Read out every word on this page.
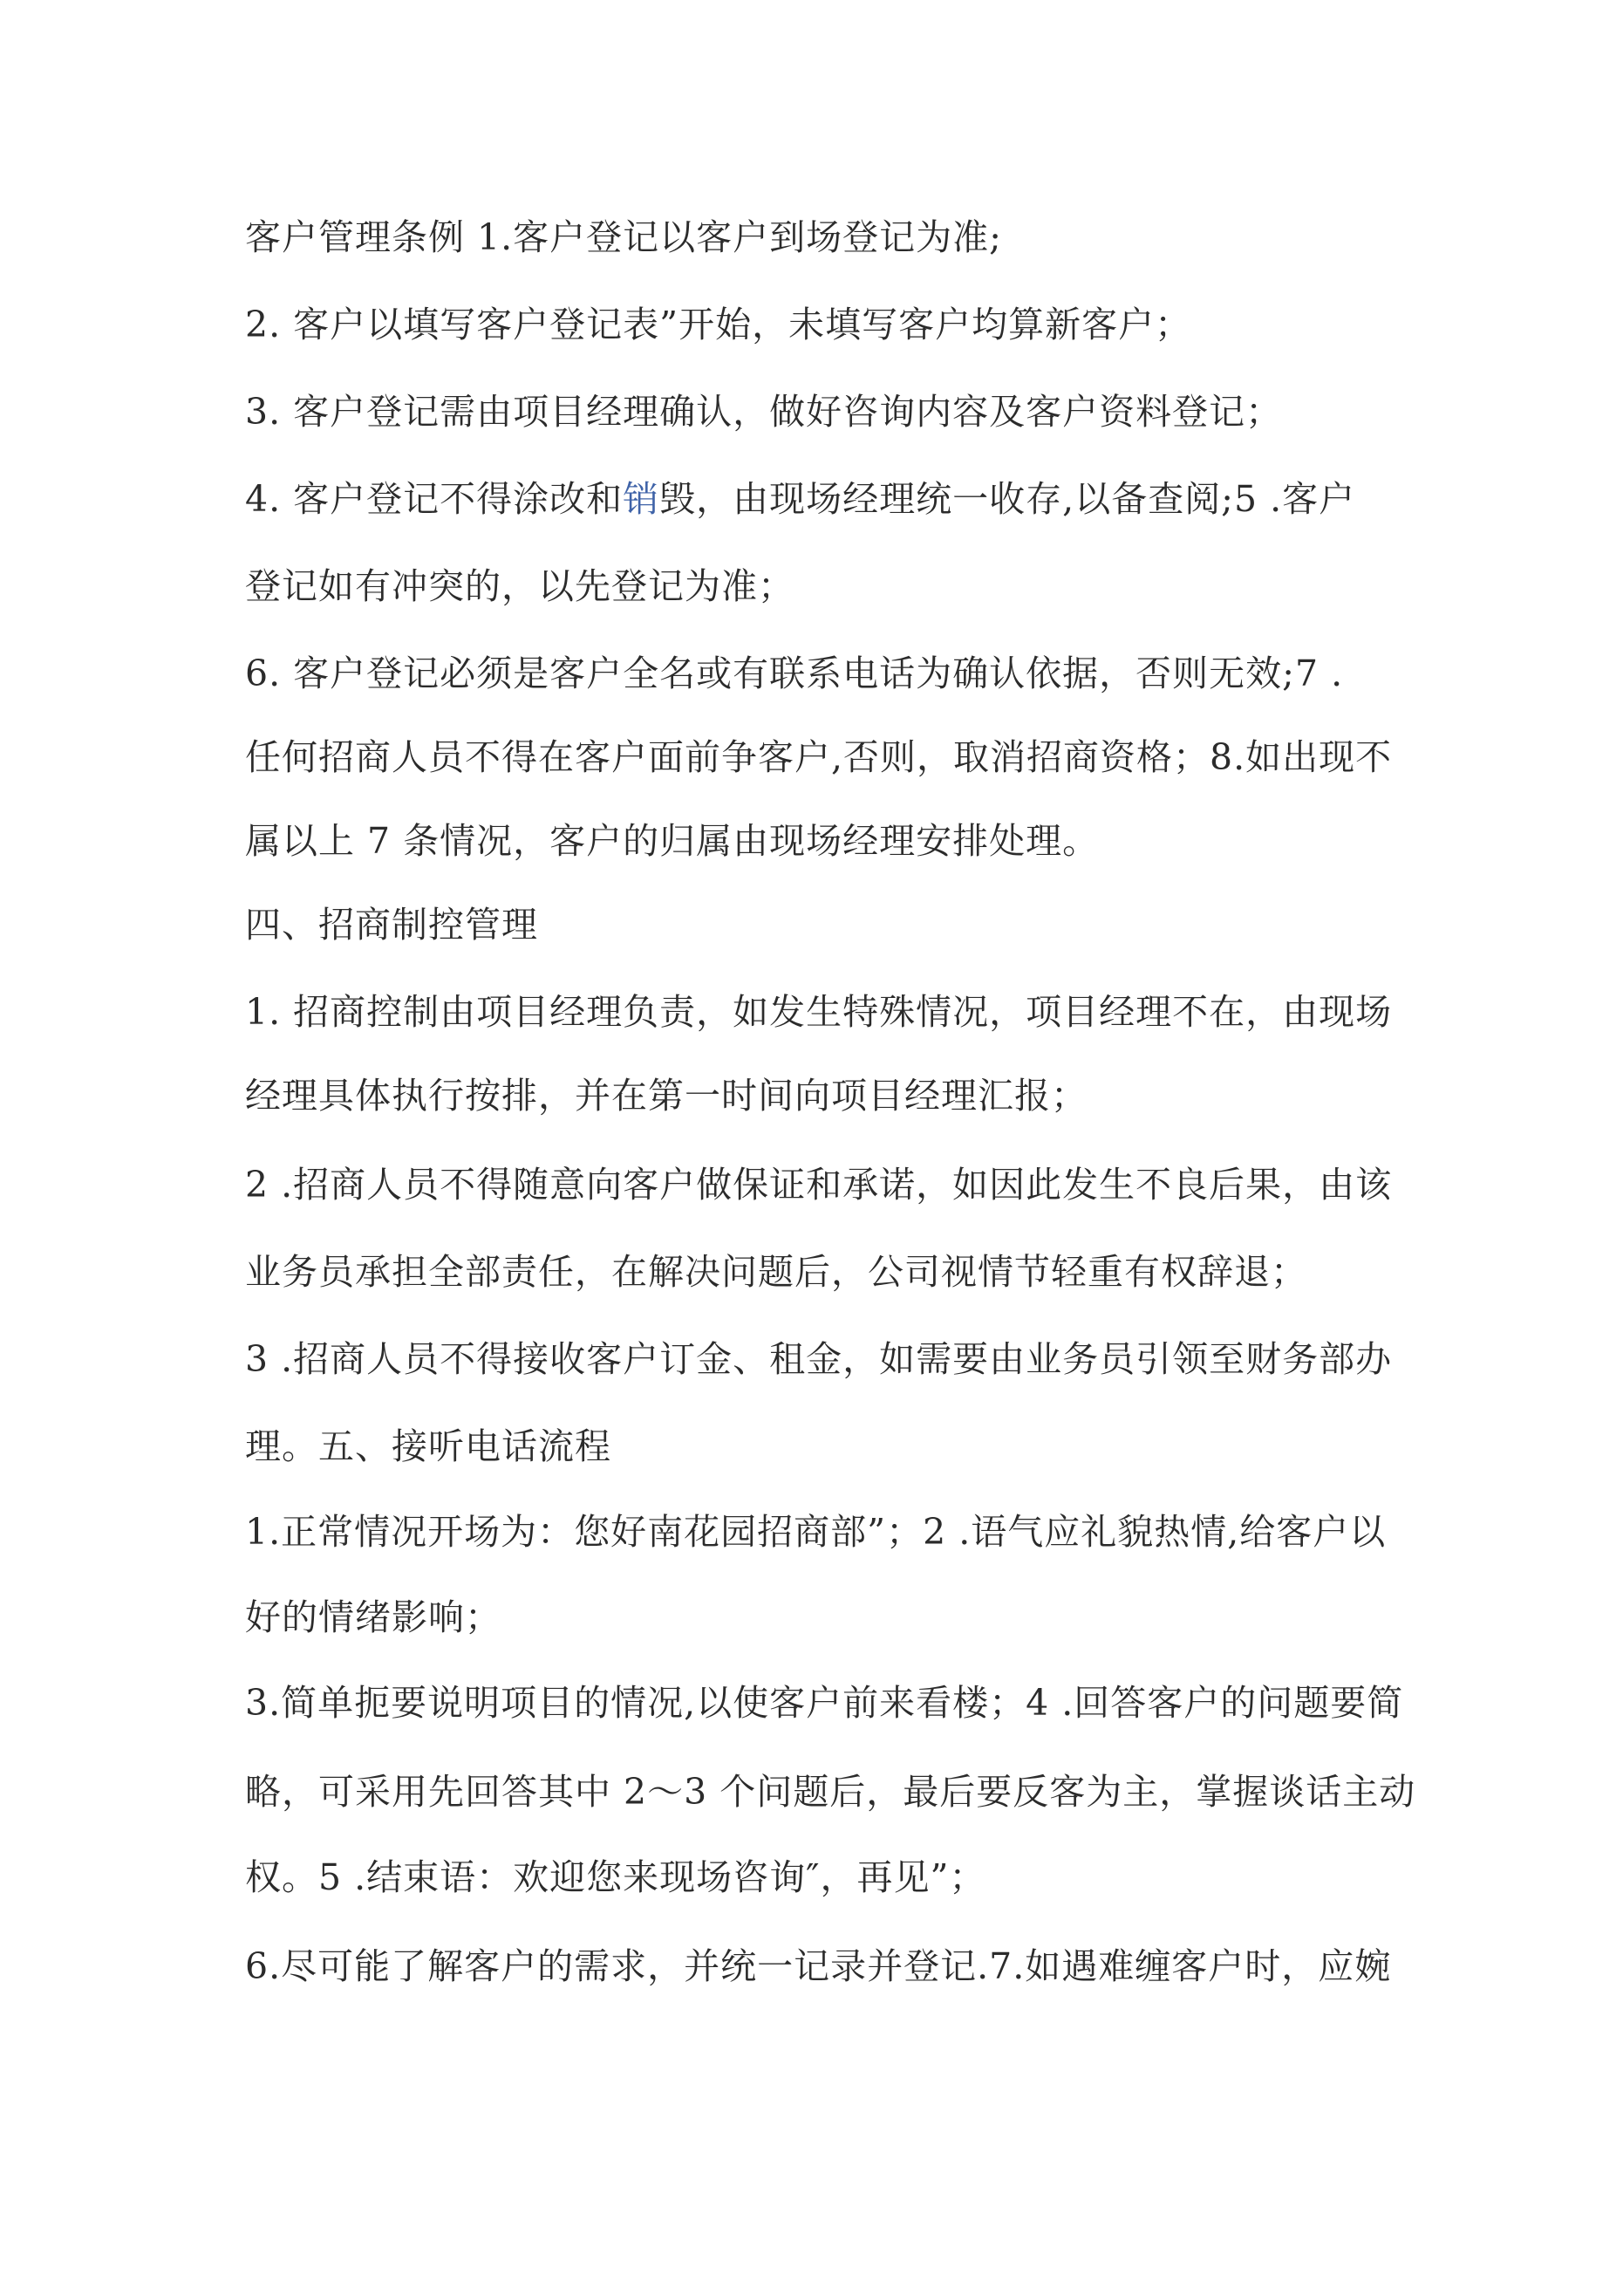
客户管理条例 1.客户登记以客户到场登记为准;
2. 客户以填写客户登记表”开始，未填写客户均算新客户；
3. 客户登记需由项目经理确认，做好咨询内容及客户资料登记；
4. 客户登记不得涂改和销毁，由现场经理统一收存,以备查阅;5 .客户
登记如有冲突的，以先登记为准；
6. 客户登记必须是客户全名或有联系电话为确认依据，否则无效;7 .
任何招商人员不得在客户面前争客户,否则，取消招商资格；8.如出现不
属以上 7 条情况，客户的归属由现场经理安排处理。
四、招商制控管理
1. 招商控制由项目经理负责，如发生特殊情况，项目经理不在，由现场
经理具体执行按排，并在第一时间向项目经理汇报；
2 .招商人员不得随意向客户做保证和承诺，如因此发生不良后果，由该
业务员承担全部责任，在解决问题后，公司视情节轻重有权辞退；
3 .招商人员不得接收客户订金、租金，如需要由业务员引领至财务部办
理。五、接听电话流程
1.正常情况开场为：您好南花园招商部”；2 .语气应礼貌热情,给客户以
好的情绪影响；
3.简单扼要说明项目的情况,以使客户前来看楼；4 .回答客户的问题要简
略，可采用先回答其中 2〜3 个问题后，最后要反客为主，掌握谈话主动
权。5 .结束语：欢迎您来现场咨询″，再见”；
6.尽可能了解客户的需求，并统一记录并登记.7.如遇难缠客户时，应婉
